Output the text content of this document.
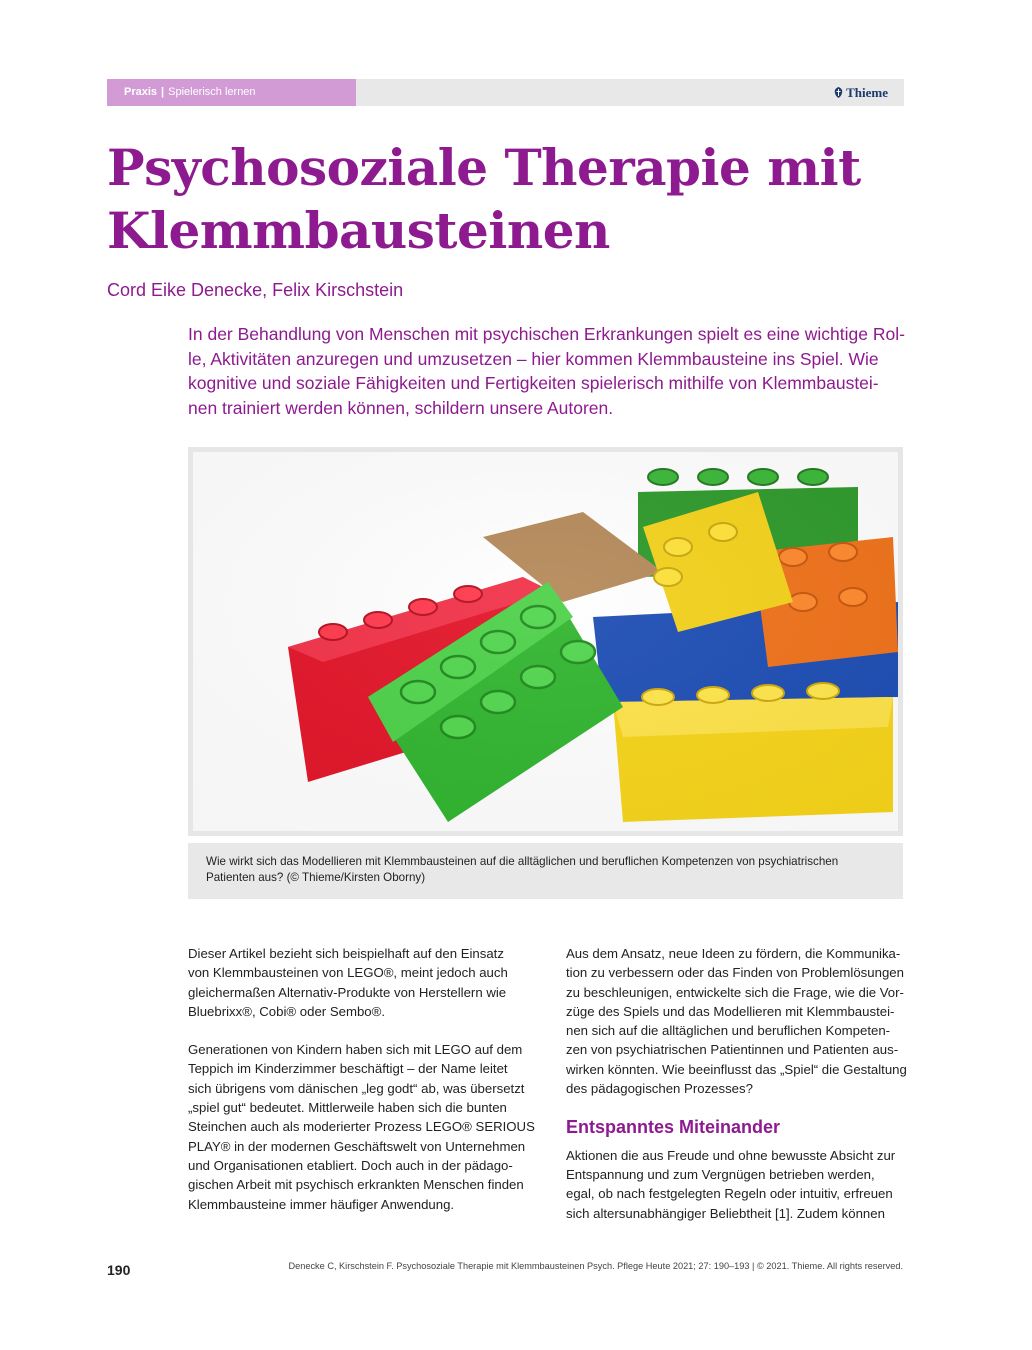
Praxis | Spielerisch lernen	Thieme
Psychosoziale Therapie mit
Klemmbausteinen
Cord Eike Denecke, Felix Kirschstein
In der Behandlung von Menschen mit psychischen Erkrankungen spielt es eine wichtige Rol-
le, Aktivitäten anzuregen und umzusetzen – hier kommen Klemmbausteine ins Spiel. Wie
kognitive und soziale Fähigkeiten und Fertigkeiten spielerisch mithilfe von Klemmbaustei-
nen trainiert werden können, schildern unsere Autoren.
Wie wirkt sich das Modellieren mit Klemmbausteinen auf die alltäglichen und beruflichen Kompetenzen von psychiatrischen
Patienten aus? (© Thieme/Kirsten Oborny)
Dieser Artikel bezieht sich beispielhaft auf den Einsatz
von Klemmbausteinen von LEGO®, meint jedoch auch
gleichermaßen Alternativ-Produkte von Herstellern wie
Bluebrixx®, Cobi® oder Sembo®.
Generationen von Kindern haben sich mit LEGO auf dem
Teppich im Kinderzimmer beschäftigt – der Name leitet
sich übrigens vom dänischen „leg godt“ ab, was übersetzt
„spiel gut“ bedeutet. Mittlerweile haben sich die bunten
Steinchen auch als moderierter Prozess LEGO® SERIOUS
PLAY® in der modernen Geschäftswelt von Unternehmen
und Organisationen etabliert. Doch auch in der pädago-
gischen Arbeit mit psychisch erkrankten Menschen finden
Klemmbausteine immer häufiger Anwendung.
Aus dem Ansatz, neue Ideen zu fördern, die Kommunika-
tion zu verbessern oder das Finden von Problemlösungen
zu beschleunigen, entwickelte sich die Frage, wie die Vor-
züge des Spiels und das Modellieren mit Klemmbaustei-
nen sich auf die alltäglichen und beruflichen Kompeten-
zen von psychiatrischen Patientinnen und Patienten aus-
wirken könnten. Wie beeinflusst das „Spiel“ die Gestaltung
des pädagogischen Prozesses?
Entspanntes Miteinander
Aktionen die aus Freude und ohne bewusste Absicht zur
Entspannung und zum Vergnügen betrieben werden,
egal, ob nach festgelegten Regeln oder intuitiv, erfreuen
sich altersunabhängiger Beliebtheit [1]. Zudem können
190	Denecke C, Kirschstein F. Psychosoziale Therapie mit Klemmbausteinen Psych. Pflege Heute 2021; 27: 190–193 | © 2021. Thieme. All rights reserved.
